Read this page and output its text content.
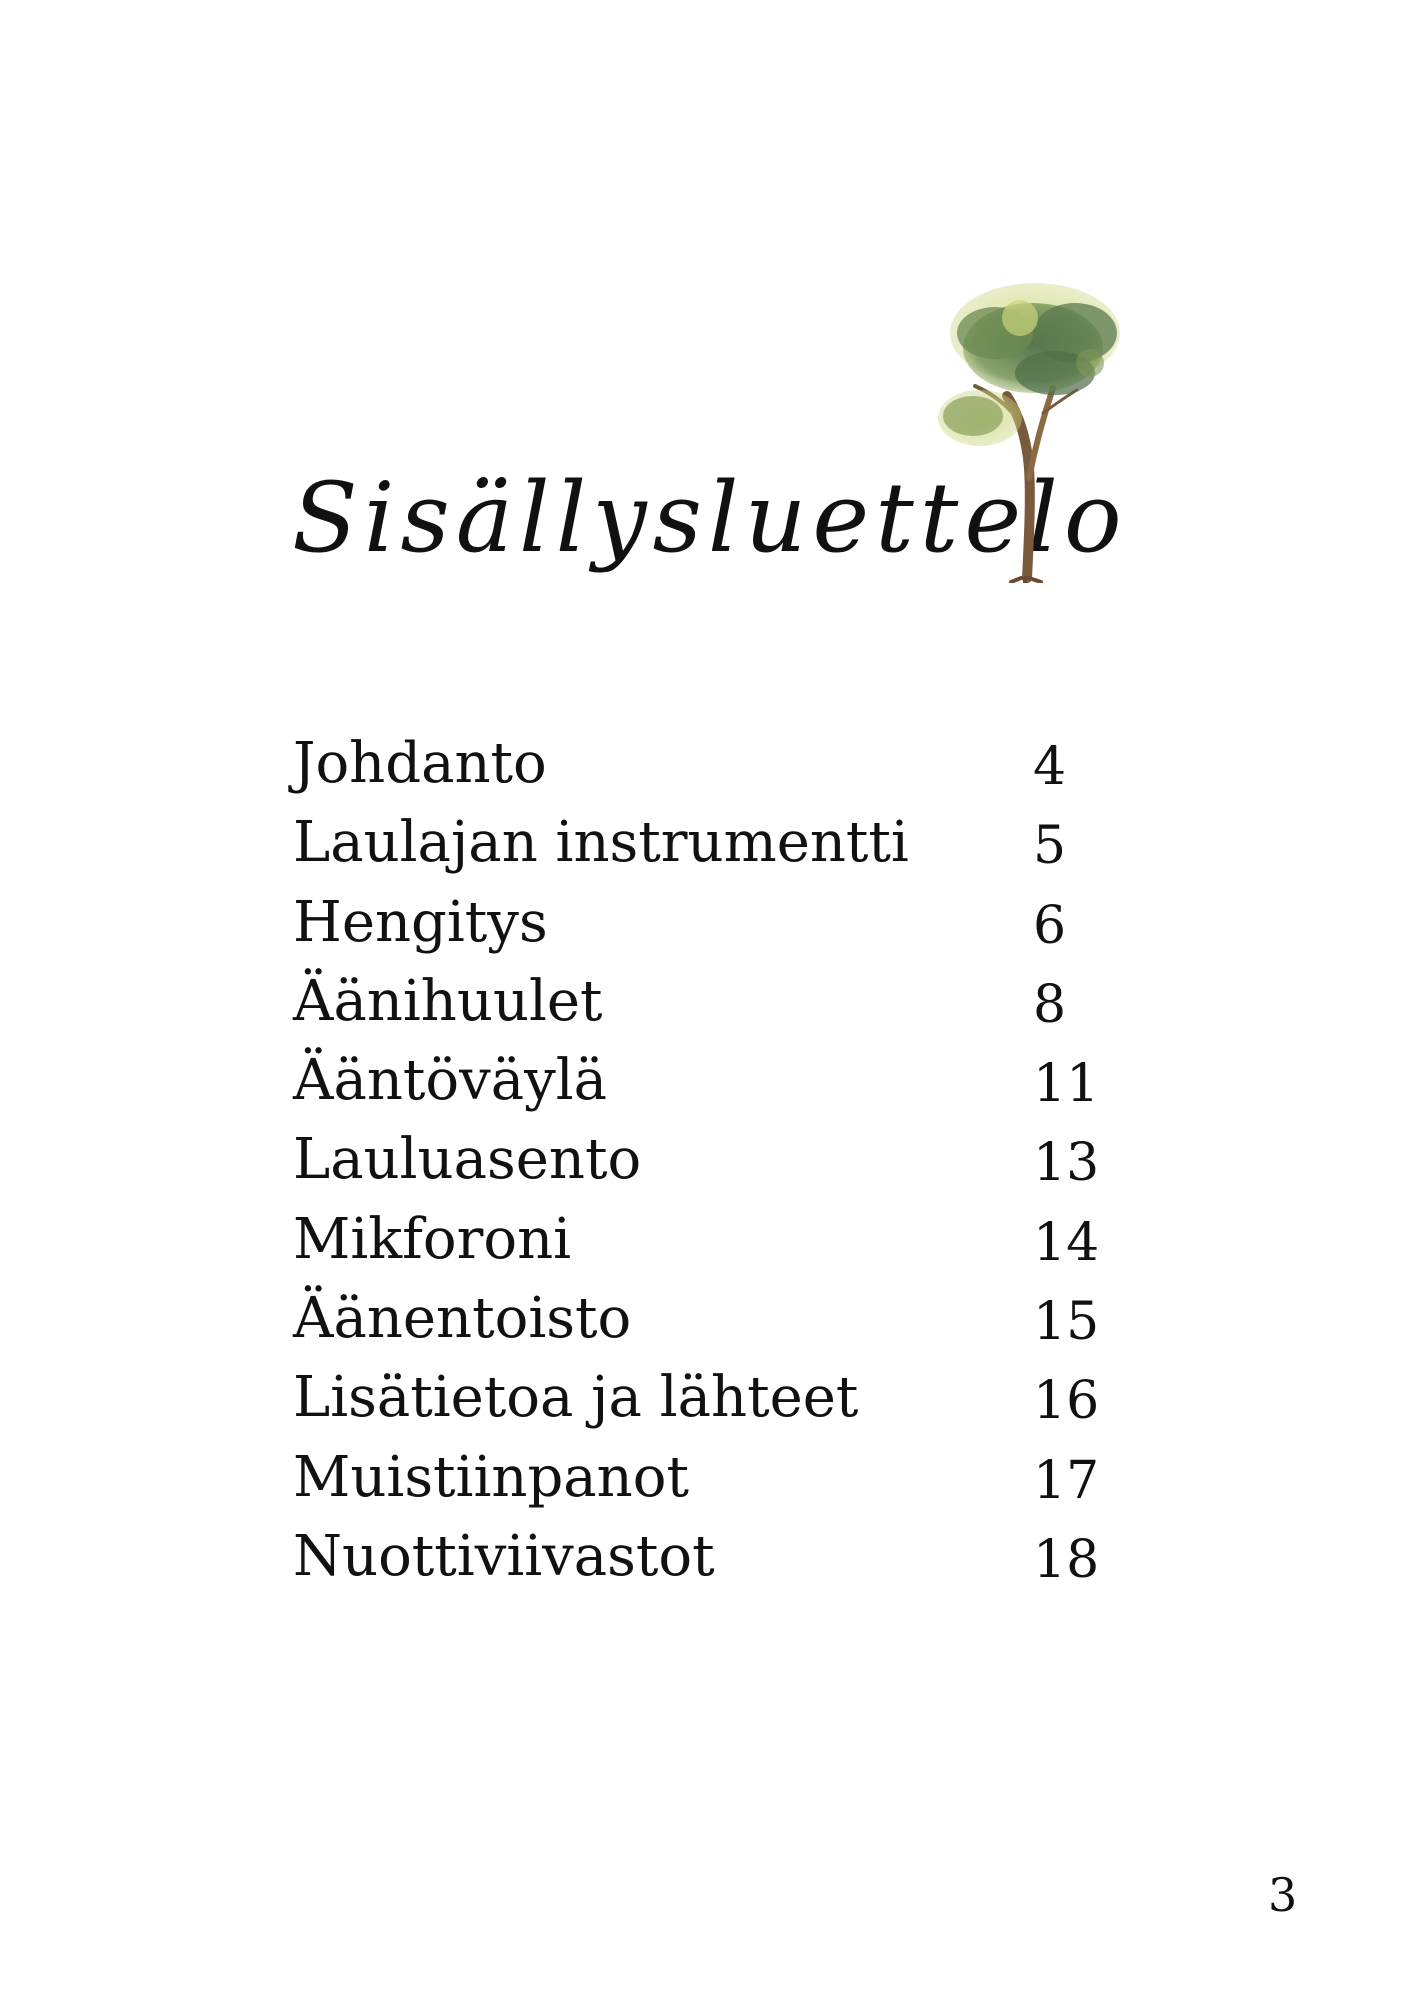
Sisällysluettelo
Johdanto	4
Laulajan instrumentti 5
Hengitys	6
Äänihuulet	8
Ääntöväylä	11
Lauluasento	13
Mikforoni	14
Äänentoisto	15
Lisätietoa ja lähteet	16
Muistiinpanot	17
Nuottiviivastot	18
3
